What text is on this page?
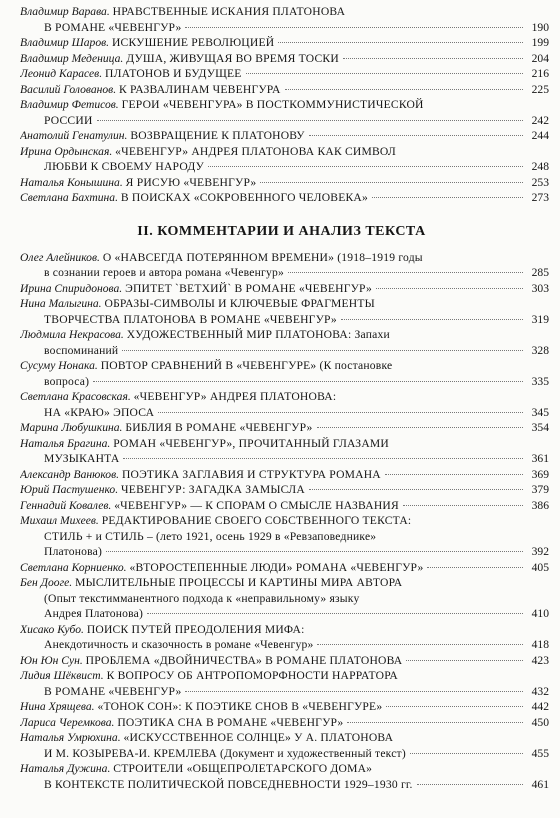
Владимир Варава. НРАВСТВЕННЫЕ ИСКАНИЯ ПЛАТОНОВА
В РОМАНЕ «ЧЕВЕНГУР»	190
Владимир Шаров. ИСКУШЕНИЕ РЕВОЛЮЦИЕЙ	199
Владимир Меденица. ДУША, ЖИВУЩАЯ ВО ВРЕМЯ ТОСКИ	204
Леонид Карасев. ПЛАТОНОВ И БУДУЩЕЕ	216
Василий Голованов. К РАЗВАЛИНАМ ЧЕВЕНГУРА	225
Владимир Фетисов. ГЕРОИ «ЧЕВЕНГУРА» В ПОСТКОММУНИСТИЧЕСКОЙ
РОССИИ	242
Анатолий Генатулин. ВОЗВРАЩЕНИЕ К ПЛАТОНОВУ	244
Ирина Ордынская. «ЧЕВЕНГУР» АНДРЕЯ ПЛАТОНОВА КАК СИМВОЛ
ЛЮБВИ К СВОЕМУ НАРОДУ	248
Наталья Конышина. Я РИСУЮ «ЧЕВЕНГУР»	253
Светлана Бахтина. В ПОИСКАХ «СОКРОВЕННОГО ЧЕЛОВЕКА»	273
II. КОММЕНТАРИИ И АНАЛИЗ ТЕКСТА
Олег Алейников. О «НАВСЕГДА ПОТЕРЯННОМ ВРЕМЕНИ» (1918–1919 годы
в сознании героев и автора романа «Чевенгур»	285
Ирина Спиридонова. ЭПИТЕТ `ВЕТХИЙ` В РОМАНЕ «ЧЕВЕНГУР»	303
Нина Малыгина. ОБРАЗЫ-СИМВОЛЫ И КЛЮЧЕВЫЕ ФРАГМЕНТЫ
ТВОРЧЕСТВА ПЛАТОНОВА В РОМАНЕ «ЧЕВЕНГУР»	319
Людмила Некрасова. ХУДОЖЕСТВЕННЫЙ МИР ПЛАТОНОВА: Запахи
воспоминаний	328
Сусуму Нонака. ПОВТОР СРАВНЕНИЙ В «ЧЕВЕНГУРЕ» (К постановке
вопроса)	335
Светлана Красовская. «ЧЕВЕНГУР» АНДРЕЯ ПЛАТОНОВА:
НА «КРАЮ» ЭПОСА	345
Марина Любушкина. БИБЛИЯ В РОМАНЕ «ЧЕВЕНГУР»	354
Наталья Брагина. РОМАН «ЧЕВЕНГУР», ПРОЧИТАННЫЙ ГЛАЗАМИ
МУЗЫКАНТА	361
Александр Ванюков. ПОЭТИКА ЗАГЛАВИЯ И СТРУКТУРА РОМАНА	369
Юрий Пастушенко. ЧЕВЕНГУР: ЗАГАДКА ЗАМЫСЛА	379
Геннадий Ковалев. «ЧЕВЕНГУР» — К СПОРАМ О СМЫСЛЕ НАЗВАНИЯ	386
Михаил Михеев. РЕДАКТИРОВАНИЕ СВОЕГО СОБСТВЕННОГО ТЕКСТА:
СТИЛЬ + и СТИЛЬ – (лето 1921, осень 1929 в «Ревзаповеднике»
Платонова)	392
Светлана Корниенко. «ВТОРОСТЕПЕННЫЕ ЛЮДИ» РОМАНА «ЧЕВЕНГУР»	405
Бен Доогe. МЫСЛИТЕЛЬНЫЕ ПРОЦЕССЫ И КАРТИНЫ МИРА АВТОРА
(Опыт текстимманентного подхода к «неправильному» языку
Андрея Платонова)	410
Хисако Кубо. ПОИСК ПУТЕЙ ПРЕОДОЛЕНИЯ МИФА:
Анекдотичность и сказочность в романе «Чевенгур»	418
Юн Юн Сун. ПРОБЛЕМА «ДВОЙНИЧЕСТВА» В РОМАНЕ ПЛАТОНОВА	423
Лидия Шёквист. К ВОПРОСУ ОБ АНТРОПОМОРФНОСТИ НАРРАТОРА
В РОМАНЕ «ЧЕВЕНГУР»	432
Нина Хрящева. «ТОНОК СОН»: К ПОЭТИКЕ СНОВ В «ЧЕВЕНГУРЕ»	442
Лариса Черемкова. ПОЭТИКА СНА В РОМАНЕ «ЧЕВЕНГУР»	450
Наталья Умрюхина. «ИСКУССТВЕННОЕ СОЛНЦЕ» У А. ПЛАТОНОВА
И М. КОЗЫРЕВА-И. КРЕМЛЕВА (Документ и художественный текст)	455
Наталья Дужина. СТРОИТЕЛИ «ОБЩЕПРОЛЕТАРСКОГО ДОМА»
В КОНТЕКСТЕ ПОЛИТИЧЕСКОЙ ПОВСЕДНЕВНОСТИ 1929–1930 гг.	461
